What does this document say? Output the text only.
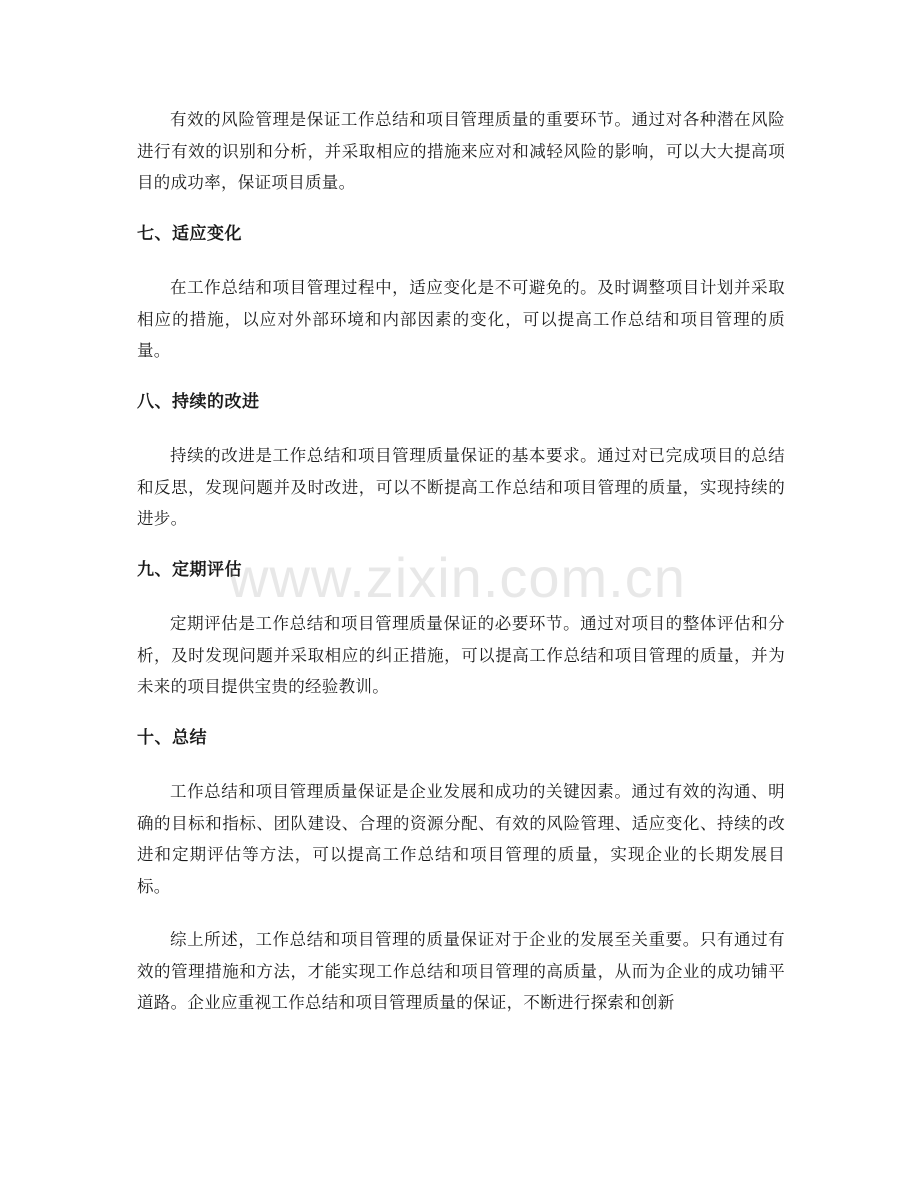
有效的风险管理是保证工作总结和项目管理质量的重要环节。通过对各种潜在风险进行有效的识别和分析，并采取相应的措施来应对和减轻风险的影响，可以大大提高项目的成功率，保证项目质量。

七、适应变化

在工作总结和项目管理过程中，适应变化是不可避免的。及时调整项目计划并采取相应的措施，以应对外部环境和内部因素的变化，可以提高工作总结和项目管理的质量。

八、持续的改进

持续的改进是工作总结和项目管理质量保证的基本要求。通过对已完成项目的总结和反思，发现问题并及时改进，可以不断提高工作总结和项目管理的质量，实现持续的进步。

九、定期评估

定期评估是工作总结和项目管理质量保证的必要环节。通过对项目的整体评估和分析，及时发现问题并采取相应的纠正措施，可以提高工作总结和项目管理的质量，并为未来的项目提供宝贵的经验教训。

十、总结

工作总结和项目管理质量保证是企业发展和成功的关键因素。通过有效的沟通、明确的目标和指标、团队建设、合理的资源分配、有效的风险管理、适应变化、持续的改进和定期评估等方法，可以提高工作总结和项目管理的质量，实现企业的长期发展目标。

综上所述，工作总结和项目管理的质量保证对于企业的发展至关重要。只有通过有效的管理措施和方法，才能实现工作总结和项目管理的高质量，从而为企业的成功铺平道路。企业应重视工作总结和项目管理质量的保证，不断进行探索和创新

www.zixin.com.cn
